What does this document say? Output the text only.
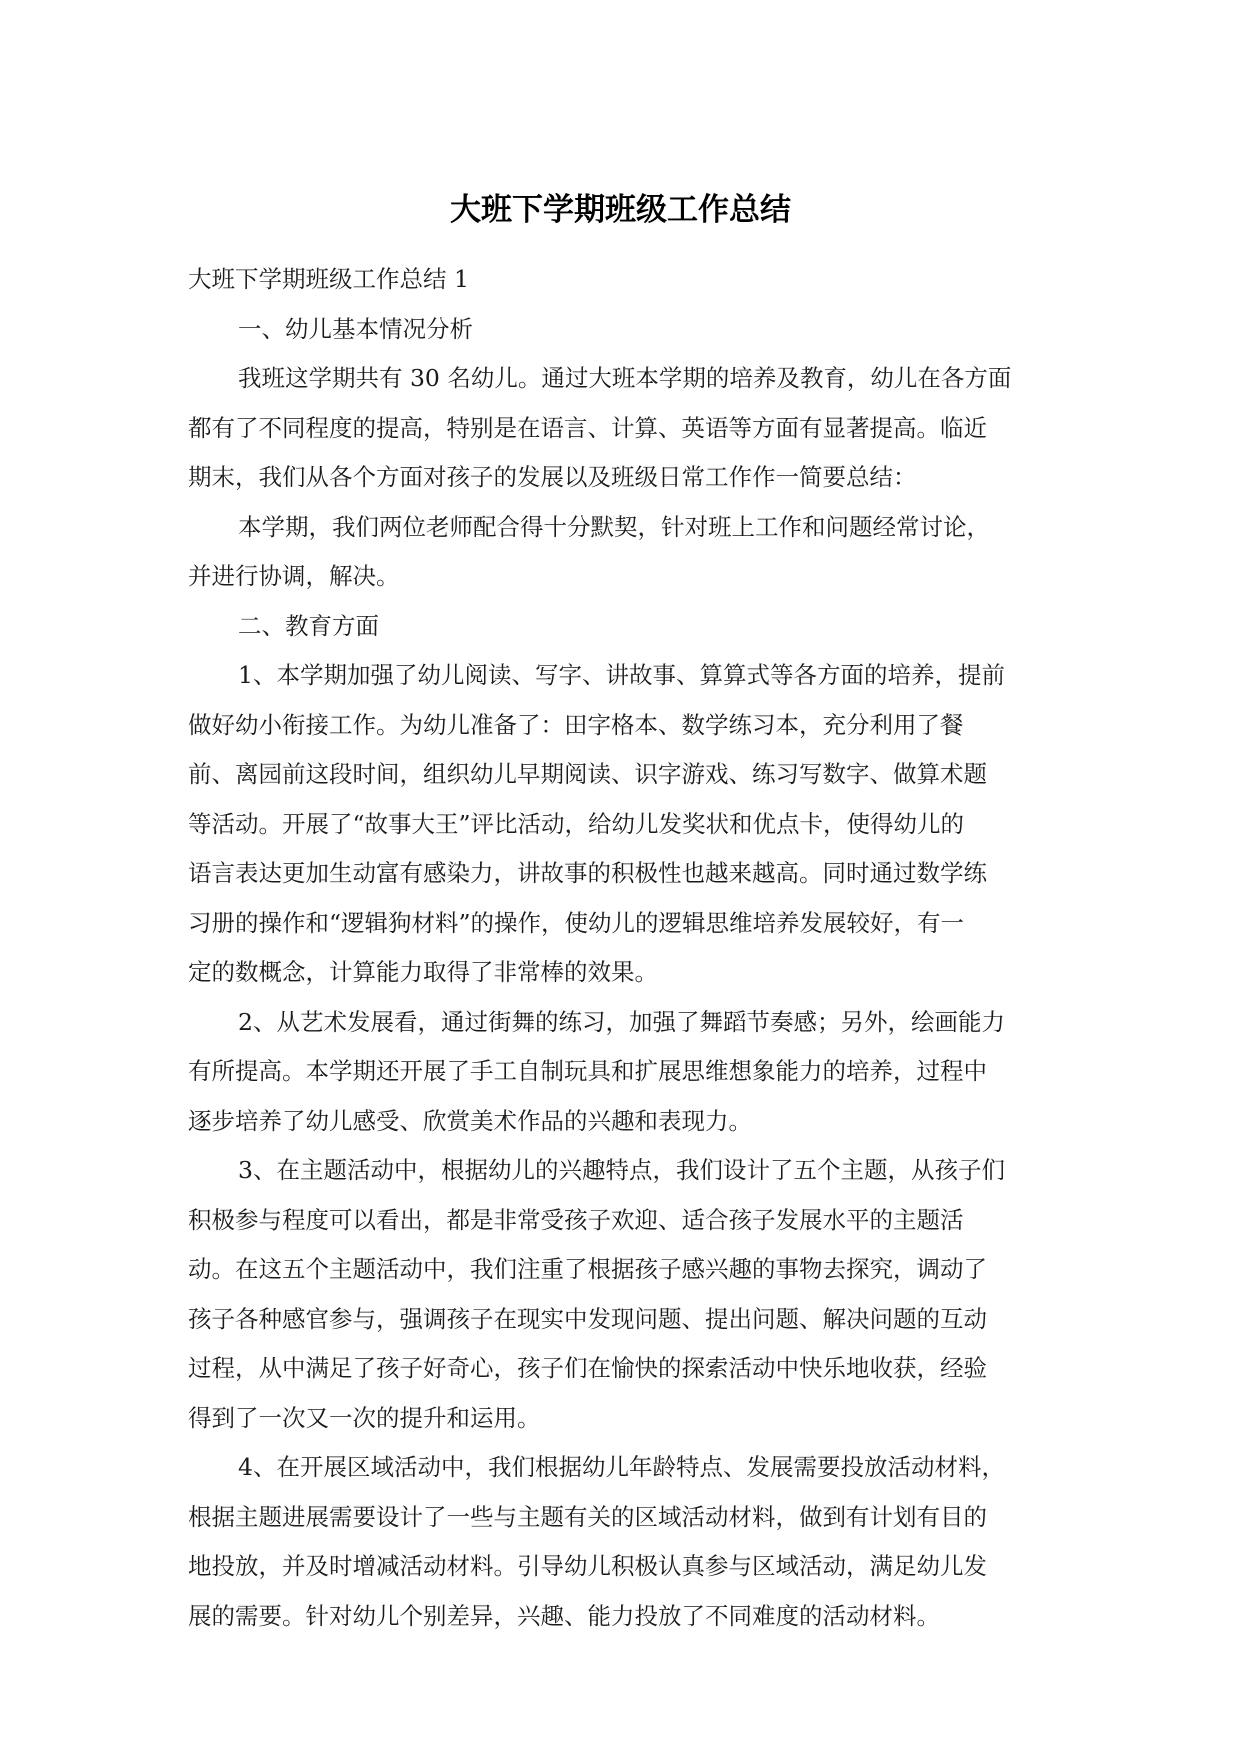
大班下学期班级工作总结
大班下学期班级工作总结 1
一、幼儿基本情况分析
我班这学期共有 30 名幼儿。通过大班本学期的培养及教育，幼儿在各方面
都有了不同程度的提高，特别是在语言、计算、英语等方面有显著提高。临近
期末，我们从各个方面对孩子的发展以及班级日常工作作一简要总结：
本学期，我们两位老师配合得十分默契，针对班上工作和问题经常讨论，
并进行协调，解决。
二、教育方面
1、本学期加强了幼儿阅读、写字、讲故事、算算式等各方面的培养，提前
做好幼小衔接工作。为幼儿准备了：田字格本、数学练习本，充分利用了餐
前、离园前这段时间，组织幼儿早期阅读、识字游戏、练习写数字、做算术题
等活动。开展了“故事大王”评比活动，给幼儿发奖状和优点卡，使得幼儿的
语言表达更加生动富有感染力，讲故事的积极性也越来越高。同时通过数学练
习册的操作和“逻辑狗材料”的操作，使幼儿的逻辑思维培养发展较好，有一
定的数概念，计算能力取得了非常棒的效果。
2、从艺术发展看，通过街舞的练习，加强了舞蹈节奏感；另外，绘画能力
有所提高。本学期还开展了手工自制玩具和扩展思维想象能力的培养，过程中
逐步培养了幼儿感受、欣赏美术作品的兴趣和表现力。
3、在主题活动中，根据幼儿的兴趣特点，我们设计了五个主题，从孩子们
积极参与程度可以看出，都是非常受孩子欢迎、适合孩子发展水平的主题活
动。在这五个主题活动中，我们注重了根据孩子感兴趣的事物去探究，调动了
孩子各种感官参与，强调孩子在现实中发现问题、提出问题、解决问题的互动
过程，从中满足了孩子好奇心，孩子们在愉快的探索活动中快乐地收获，经验
得到了一次又一次的提升和运用。
4、在开展区域活动中，我们根据幼儿年龄特点、发展需要投放活动材料，
根据主题进展需要设计了一些与主题有关的区域活动材料，做到有计划有目的
地投放，并及时增减活动材料。引导幼儿积极认真参与区域活动，满足幼儿发
展的需要。针对幼儿个别差异，兴趣、能力投放了不同难度的活动材料。
